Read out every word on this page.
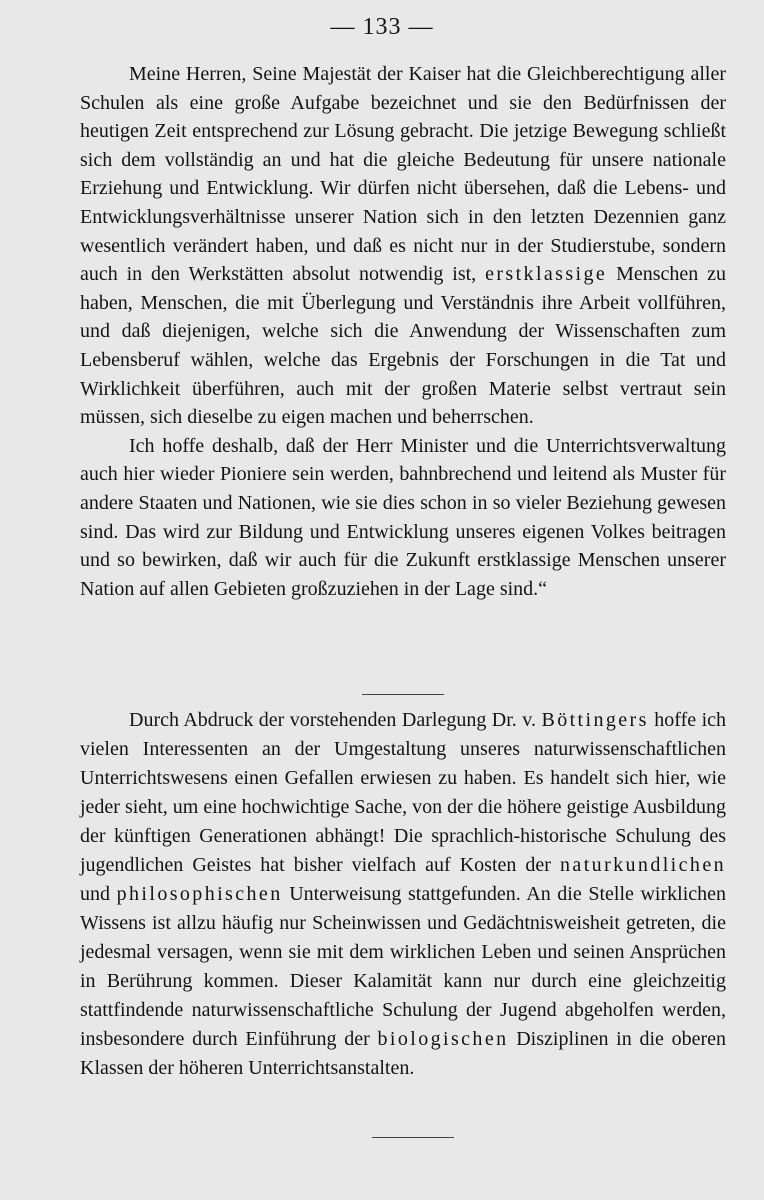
— 133 —

Meine Herren, Seine Majestät der Kaiser hat die Gleichberechtigung aller Schulen als eine große Aufgabe bezeichnet und sie den Bedürfnissen der heutigen Zeit entsprechend zur Lösung gebracht. Die jetzige Bewegung schließt sich dem vollständig an und hat die gleiche Bedeutung für unsere nationale Erziehung und Entwicklung. Wir dürfen nicht übersehen, daß die Lebens- und Entwicklungsverhältnisse unserer Nation sich in den letzten Dezennien ganz wesentlich verändert haben, und daß es nicht nur in der Studierstube, sondern auch in den Werkstätten absolut notwendig ist, erstklassige Menschen zu haben, Menschen, die mit Überlegung und Verständnis ihre Arbeit vollführen, und daß diejenigen, welche sich die Anwendung der Wissenschaften zum Lebensberuf wählen, welche das Ergebnis der Forschungen in die Tat und Wirklichkeit überführen, auch mit der großen Materie selbst vertraut sein müssen, sich dieselbe zu eigen machen und beherrschen.

Ich hoffe deshalb, daß der Herr Minister und die Unterrichtsverwaltung auch hier wieder Pioniere sein werden, bahnbrechend und leitend als Muster für andere Staaten und Nationen, wie sie dies schon in so vieler Beziehung gewesen sind. Das wird zur Bildung und Entwicklung unseres eigenen Volkes beitragen und so bewirken, daß wir auch für die Zukunft erstklassige Menschen unserer Nation auf allen Gebieten großzuziehen in der Lage sind.“

Durch Abdruck der vorstehenden Darlegung Dr. v. Böttingers hoffe ich vielen Interessenten an der Umgestaltung unseres naturwissenschaftlichen Unterrichtswesens einen Gefallen erwiesen zu haben. Es handelt sich hier, wie jeder sieht, um eine hochwichtige Sache, von der die höhere geistige Ausbildung der künftigen Generationen abhängt! Die sprachlich-historische Schulung des jugendlichen Geistes hat bisher vielfach auf Kosten der naturkundlichen und philosophischen Unterweisung stattgefunden. An die Stelle wirklichen Wissens ist allzu häufig nur Scheinwissen und Gedächtnisweisheit getreten, die jedesmal versagen, wenn sie mit dem wirklichen Leben und seinen Ansprüchen in Berührung kommen. Dieser Kalamität kann nur durch eine gleichzeitig stattfindende naturwissenschaftliche Schulung der Jugend abgeholfen werden, insbesondere durch Einführung der biologischen Disziplinen in die oberen Klassen der höheren Unterrichtsanstalten.
